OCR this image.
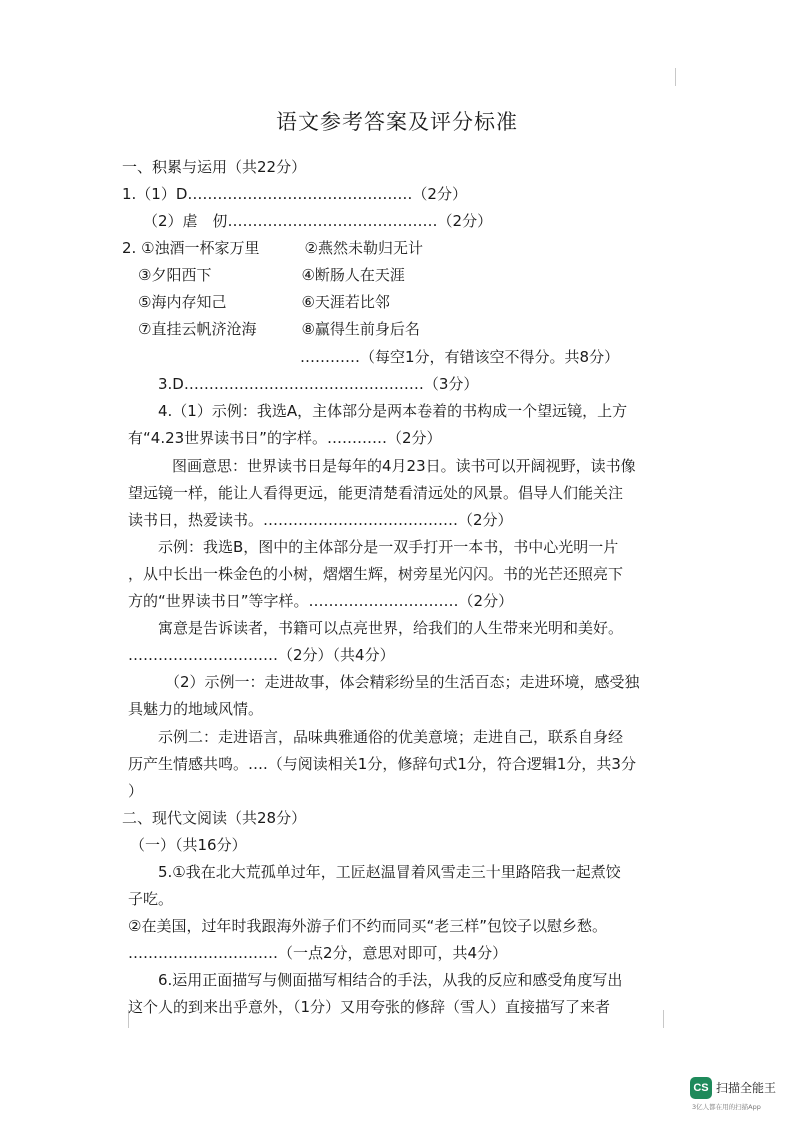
语文参考答案及评分标准
一、积累与运用（共22分）
1.（1）D………………………………………（2分）
（2）虐　仞……………………………………（2分）
2. ①浊酒一杯家万里　　　②燕然未勒归无计
③夕阳西下　　　　　　④断肠人在天涯
⑤海内存知己　　　　　⑥天涯若比邻
⑦直挂云帆济沧海　　　⑧赢得生前身后名
…………（每空1分，有错该空不得分。共8分）
3.D…………………………………………（3分）
4.（1）示例：我选A，主体部分是两本卷着的书构成一个望远镜，上方
有“4.23世界读书日”的字样。…………（2分）
图画意思：世界读书日是每年的4月23日。读书可以开阔视野，读书像
望远镜一样，能让人看得更远，能更清楚看清远处的风景。倡导人们能关注
读书日，热爱读书。…………………………………（2分）
示例：我选B，图中的主体部分是一双手打开一本书，书中心光明一片
，从中长出一株金色的小树，熠熠生辉，树旁星光闪闪。书的光芒还照亮下
方的“世界读书日”等字样。…………………………（2分）
寓意是告诉读者，书籍可以点亮世界，给我们的人生带来光明和美好。
…………………………（2分）（共4分）
（2）示例一：走进故事，体会精彩纷呈的生活百态；走进环境，感受独
具魅力的地域风情。
示例二：走进语言，品味典雅通俗的优美意境；走进自己，联系自身经
历产生情感共鸣。….（与阅读相关1分，修辞句式1分，符合逻辑1分，共3分
）
二、现代文阅读（共28分）
（一）（共16分）
5.①我在北大荒孤单过年，工匠赵温冒着风雪走三十里路陪我一起煮饺
子吃。
②在美国，过年时我跟海外游子们不约而同买“老三样”包饺子以慰乡愁。
…………………………（一点2分，意思对即可，共4分）
6.运用正面描写与侧面描写相结合的手法，从我的反应和感受角度写出
这个人的到来出乎意外，（1分）又用夸张的修辞（雪人）直接描写了来者
CS 扫描全能王
3亿人都在用的扫描App
